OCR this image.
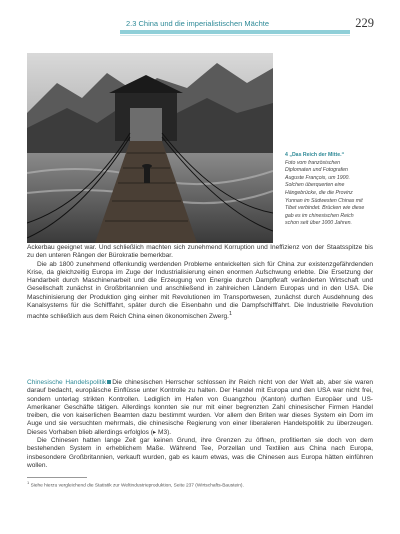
2.3 China und die imperialistischen Mächte	229
4 „Das Reich der Mitte.“
Foto vom französischen Diplomaten und Fotografen Auguste François, um 1900. Solchen überquerten eine Hängebrücke, die die Provinz Yunnan im Südwesten Chinas mit Tibet verbindet. Brücken wie diese gab es im chinesischen Reich schon seit über 1000 Jahren.

Ackerbau geeignet war. Und schließlich machten sich zunehmend Korruption und Ineffizienz von der Staatsspitze bis zu den unteren Rängen der Bürokratie bemerkbar.

Die ab 1800 zunehmend offenkundig werdenden Probleme entwickelten sich für China zur existenzgefährdenden Krise, da gleichzeitig Europa im Zuge der Industrialisierung einen enormen Aufschwung erlebte. Die Ersetzung der Handarbeit durch Maschinenarbeit und die Erzeugung von Energie durch Dampfkraft veränderten Wirtschaft und Gesellschaft zunächst in Großbritannien und anschließend in zahlreichen Ländern Europas und in den USA. Die Maschinisierung der Produktion ging einher mit Revolutionen im Transportwesen, zunächst durch Ausdehnung des Kanalsystems für die Schifffahrt, später durch die Eisenbahn und die Dampfschifffahrt. Die Industrielle Revolution machte schließlich aus dem Reich China einen ökonomischen Zwerg.$^1$

Chinesische Handelspolitik Die chinesischen Herrscher schlossen ihr Reich nicht von der Welt ab, aber sie waren darauf bedacht, europäische Einflüsse unter Kontrolle zu halten. Der Handel mit Europa und den USA war nicht frei, sondern unterlag strikten Kontrollen. Lediglich im Hafen von Guangzhou (Kanton) durften Europäer und US-Amerikaner Geschäfte tätigen. Allerdings konnten sie nur mit einer begrenzten Zahl chinesischer Firmen Handel treiben, die von kaiserlichen Beamten dazu bestimmt wurden. Vor allem den Briten war dieses System ein Dorn im Auge und sie versuchten mehrmals, die chinesische Regierung von einer liberaleren Handelspolitik zu überzeugen. Dieses Vorhaben blieb allerdings erfolglos (▸ M3).

Die Chinesen hatten lange Zeit gar keinen Grund, ihre Grenzen zu öffnen, profitierten sie doch von dem bestehenden System in erheblichem Maße. Während Tee, Porzellan und Textilien aus China nach Europa, insbesondere Großbritannien, verkauft wurden, gab es kaum etwas, was die Chinesen aus Europa hätten einführen wollen.

$^1$ Siehe hierzu vergleichend die Statistik zur Weltindustrieproduktion, Seite 237 (Wirtschafts-Baustein).
